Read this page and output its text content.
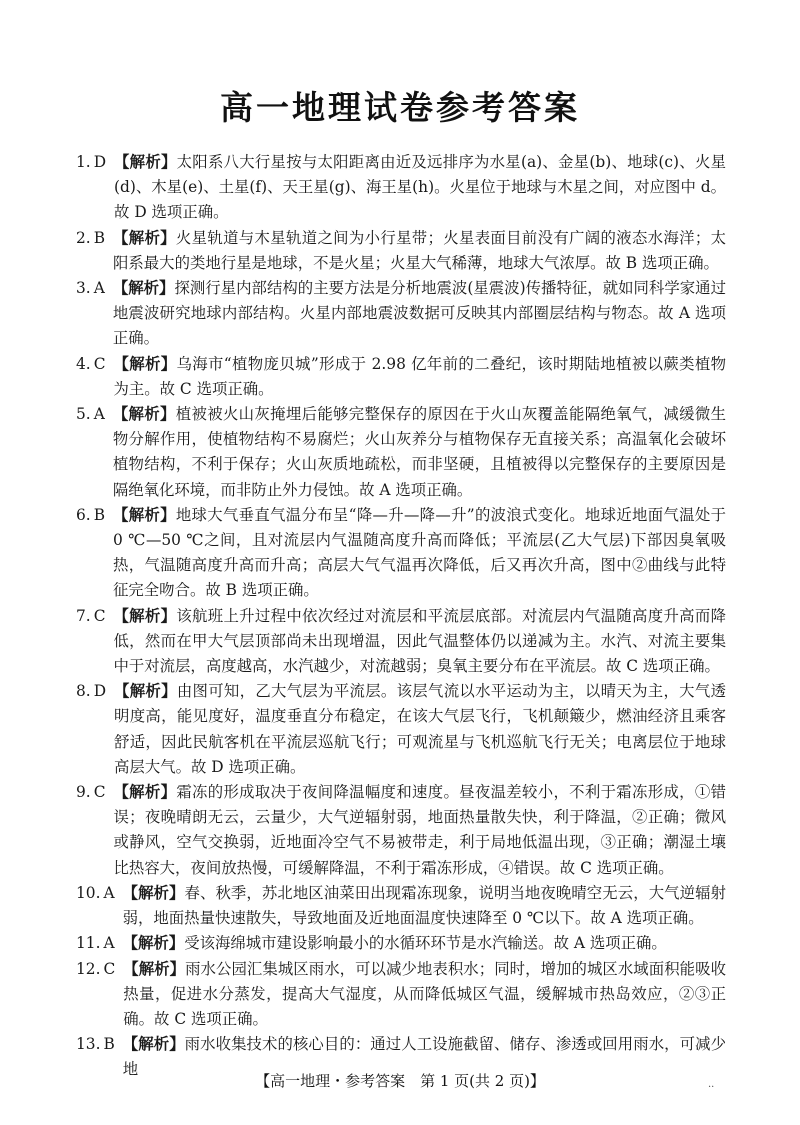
高一地理试卷参考答案
1. D 【解析】太阳系八大行星按与太阳距离由近及远排序为水星(a)、金星(b)、地球(c)、火星(d)、木星(e)、土星(f)、天王星(g)、海王星(h)。火星位于地球与木星之间，对应图中 d。故 D 选项正确。
2. B 【解析】火星轨道与木星轨道之间为小行星带；火星表面目前没有广阔的液态水海洋；太阳系最大的类地行星是地球，不是火星；火星大气稀薄，地球大气浓厚。故 B 选项正确。
3. A 【解析】探测行星内部结构的主要方法是分析地震波(星震波)传播特征，就如同科学家通过地震波研究地球内部结构。火星内部地震波数据可反映其内部圈层结构与物态。故 A 选项正确。
4. C 【解析】乌海市“植物庞贝城”形成于 2.98 亿年前的二叠纪，该时期陆地植被以蕨类植物为主。故 C 选项正确。
5. A 【解析】植被被火山灰掩埋后能够完整保存的原因在于火山灰覆盖能隔绝氧气，减缓微生物分解作用，使植物结构不易腐烂；火山灰养分与植物保存无直接关系；高温氧化会破坏植物结构，不利于保存；火山灰质地疏松，而非坚硬，且植被得以完整保存的主要原因是隔绝氧化环境，而非防止外力侵蚀。故 A 选项正确。
6. B 【解析】地球大气垂直气温分布呈“降—升—降—升”的波浪式变化。地球近地面气温处于 0 ℃—50 ℃之间，且对流层内气温随高度升高而降低；平流层(乙大气层)下部因臭氧吸热，气温随高度升高而升高；高层大气气温再次降低，后又再次升高，图中②曲线与此特征完全吻合。故 B 选项正确。
7. C 【解析】该航班上升过程中依次经过对流层和平流层底部。对流层内气温随高度升高而降低，然而在甲大气层顶部尚未出现增温，因此气温整体仍以递减为主。水汽、对流主要集中于对流层，高度越高，水汽越少，对流越弱；臭氧主要分布在平流层。故 C 选项正确。
8. D 【解析】由图可知，乙大气层为平流层。该层气流以水平运动为主，以晴天为主，大气透明度高，能见度好，温度垂直分布稳定，在该大气层飞行，飞机颠簸少，燃油经济且乘客舒适，因此民航客机在平流层巡航飞行；可观流星与飞机巡航飞行无关；电离层位于地球高层大气。故 D 选项正确。
9. C 【解析】霜冻的形成取决于夜间降温幅度和速度。昼夜温差较小，不利于霜冻形成，①错误；夜晚晴朗无云，云量少，大气逆辐射弱，地面热量散失快，利于降温，②正确；微风或静风，空气交换弱，近地面冷空气不易被带走，利于局地低温出现，③正确；潮湿土壤比热容大，夜间放热慢，可缓解降温，不利于霜冻形成，④错误。故 C 选项正确。
10. A 【解析】春、秋季，苏北地区油菜田出现霜冻现象，说明当地夜晚晴空无云，大气逆辐射弱，地面热量快速散失，导致地面及近地面温度快速降至 0 ℃以下。故 A 选项正确。
11. A 【解析】受该海绵城市建设影响最小的水循环环节是水汽输送。故 A 选项正确。
12. C 【解析】雨水公园汇集城区雨水，可以减少地表积水；同时，增加的城区水域面积能吸收热量，促进水分蒸发，提高大气湿度，从而降低城区气温，缓解城市热岛效应，②③正确。故 C 选项正确。
13. B 【解析】雨水收集技术的核心目的：通过人工设施截留、储存、渗透或回用雨水，可减少地
【高一地理・参考答案　第 1 页(共 2 页)】	··
